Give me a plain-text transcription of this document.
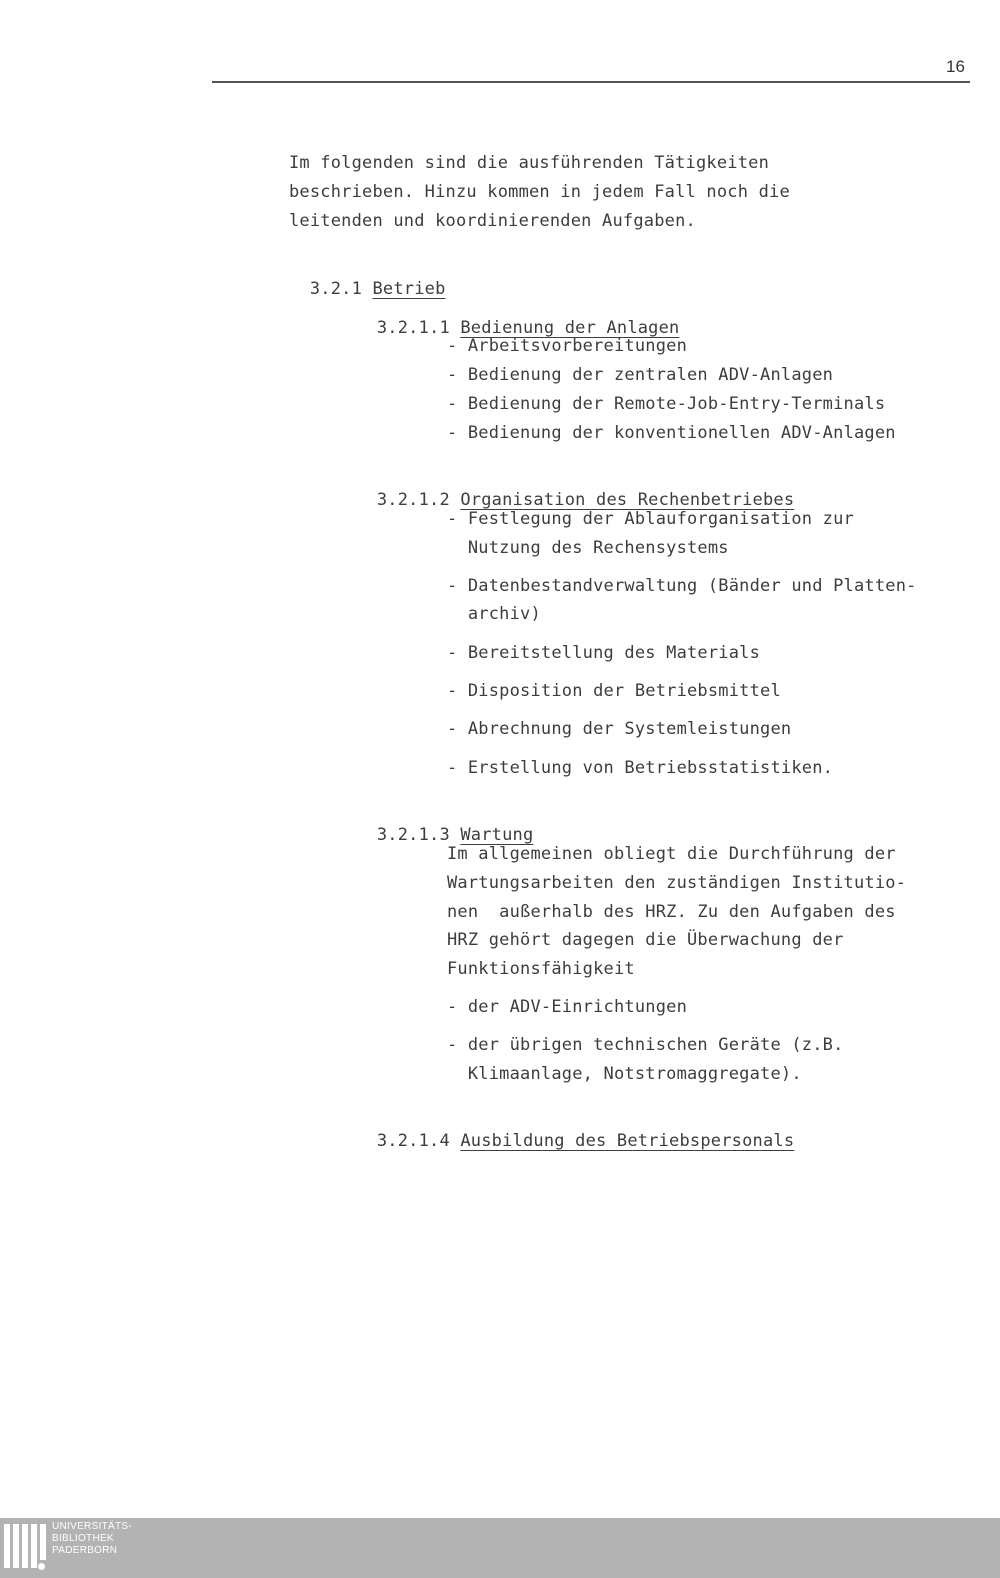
16
Im folgenden sind die ausführenden Tätigkeiten
beschrieben. Hinzu kommen in jedem Fall noch die
leitenden und koordinierenden Aufgaben.

3.2.1 Betrieb

3.2.1.1 Bedienung der Anlagen

- Arbeitsvorbereitungen
- Bedienung der zentralen ADV-Anlagen
- Bedienung der Remote-Job-Entry-Terminals
- Bedienung der konventionellen ADV-Anlagen

3.2.1.2 Organisation des Rechenbetriebes

- Festlegung der Ablauforganisation zur
Nutzung des Rechensystems
- Datenbestandverwaltung (Bänder und Platten-
archiv)
- Bereitstellung des Materials
- Disposition der Betriebsmittel
- Abrechnung der Systemleistungen
- Erstellung von Betriebsstatistiken.

3.2.1.3 Wartung

Im allgemeinen obliegt die Durchführung der
Wartungsarbeiten den zuständigen Institutio-
nen  außerhalb des HRZ. Zu den Aufgaben des
HRZ gehört dagegen die Überwachung der
Funktionsfähigkeit
- der ADV-Einrichtungen
- der übrigen technischen Geräte (z.B.
Klimaanlage, Notstromaggregate).

3.2.1.4 Ausbildung des Betriebspersonals

UNIVERSITÄTS-
BIBLIOTHEK
PADERBORN
